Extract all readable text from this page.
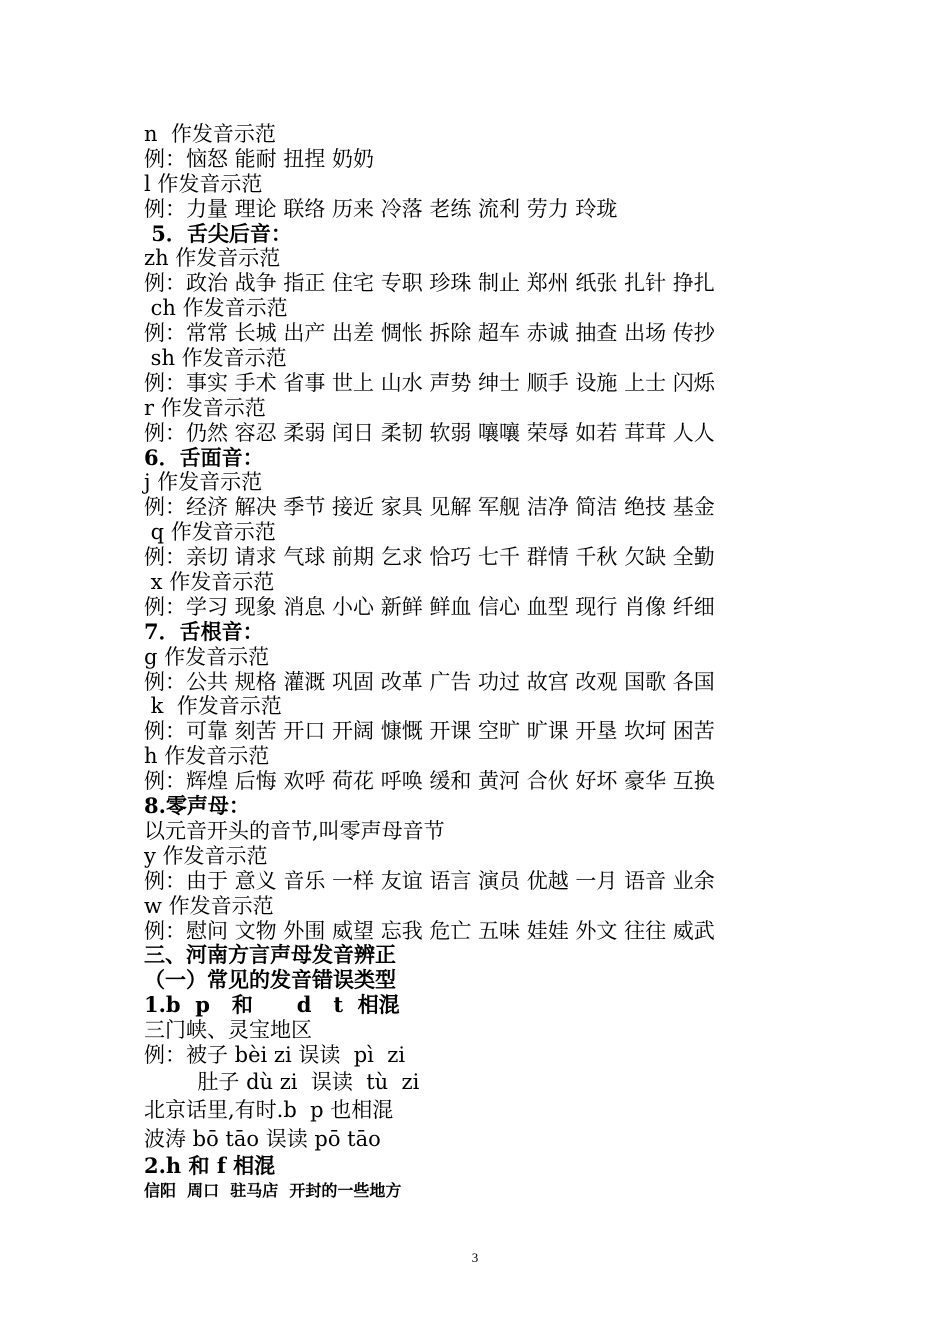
n  作发音示范
例：恼怒 能耐 扭捏 奶奶
l 作发音示范
例：力量 理论 联络 历来 冷落 老练 流利 劳力 玲珑
5．舌尖后音：
zh 作发音示范
例：政治 战争 指正 住宅 专职 珍珠 制止 郑州 纸张 扎针 挣扎
ch 作发音示范
例：常常 长城 出产 出差 惆怅 拆除 超车 赤诚 抽查 出场 传抄
sh 作发音示范
例：事实 手术 省事 世上 山水 声势 绅士 顺手 设施 上士 闪烁
r 作发音示范
例：仍然 容忍 柔弱 闰日 柔韧 软弱 嚷嚷 荣辱 如若 茸茸 人人
6．舌面音：
j 作发音示范
例：经济 解决 季节 接近 家具 见解 军舰 洁净 简洁 绝技 基金
q 作发音示范
例：亲切 请求 气球 前期 乞求 恰巧 七千 群情 千秋 欠缺 全勤
x 作发音示范
例：学习 现象 消息 小心 新鲜 鲜血 信心 血型 现行 肖像 纤细
7．舌根音：
g 作发音示范
例：公共 规格 灌溉 巩固 改革 广告 功过 故宫 改观 国歌 各国
k  作发音示范
例：可靠 刻苦 开口 开阔 慷慨 开课 空旷 旷课 开垦 坎坷 困苦
h 作发音示范
例：辉煌 后悔 欢呼 荷花 呼唤 缓和 黄河 合伙 好坏 豪华 互换
8.零声母：
以元音开头的音节,叫零声母音节
y 作发音示范
例：由于 意义 音乐 一样 友谊 语言 演员 优越 一月 语音 业余
w 作发音示范
例：慰问 文物 外围 威望 忘我 危亡 五味 娃娃 外文 往往 威武
三、河南方言声母发音辨正
（一）常见的发音错误类型
1.b  p   和      d   t  相混
三门峡、灵宝地区
例：被子 bèi zi 误读  pì  zi
肚子 dù zi  误读  tù  zi
北京话里,有时.b  p 也相混
波涛 bō tāo 误读 pō tāo
2.h 和 f 相混
信阳  周口  驻马店  开封的一些地方
3
